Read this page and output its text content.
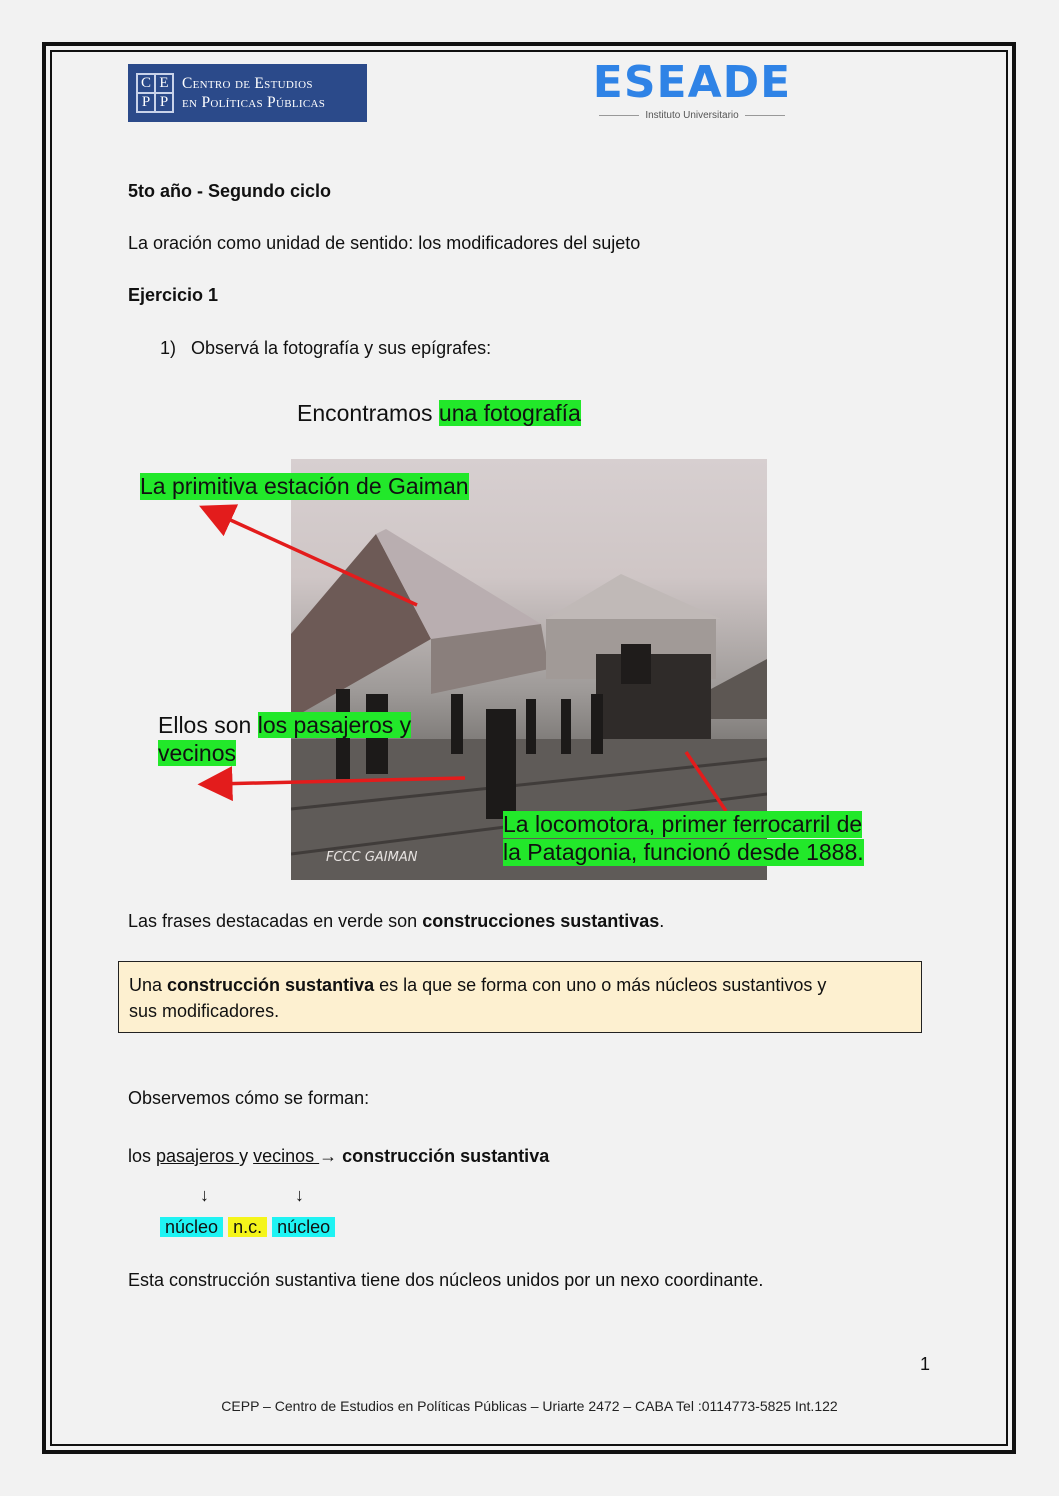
C E
P P
Centro de Estudios
en Políticas Públicas	ESEADE
Instituto Universitario
5to año - Segundo ciclo
La oración como unidad de sentido: los modificadores del sujeto
Ejercicio 1
1) Observá la fotografía y sus epígrafes:
Encontramos una fotografía
FCCC GAIMAN
La primitiva estación de Gaiman
Ellos son los pasajeros y
vecinos
La locomotora, primer ferrocarril de
la Patagonia, funcionó desde 1888.
Las frases destacadas en verde son construcciones sustantivas.
Una construcción sustantiva es la que se forma con uno o más núcleos sustantivos y
sus modificadores.
Observemos cómo se forman:
los pasajeros y vecinos → construcción sustantiva
↓	↓
núcleo n.c. núcleo
Esta construcción sustantiva tiene dos núcleos unidos por un nexo coordinante.
1
CEPP – Centro de Estudios en Políticas Públicas – Uriarte 2472 – CABA Tel :0114773-5825 Int.122
